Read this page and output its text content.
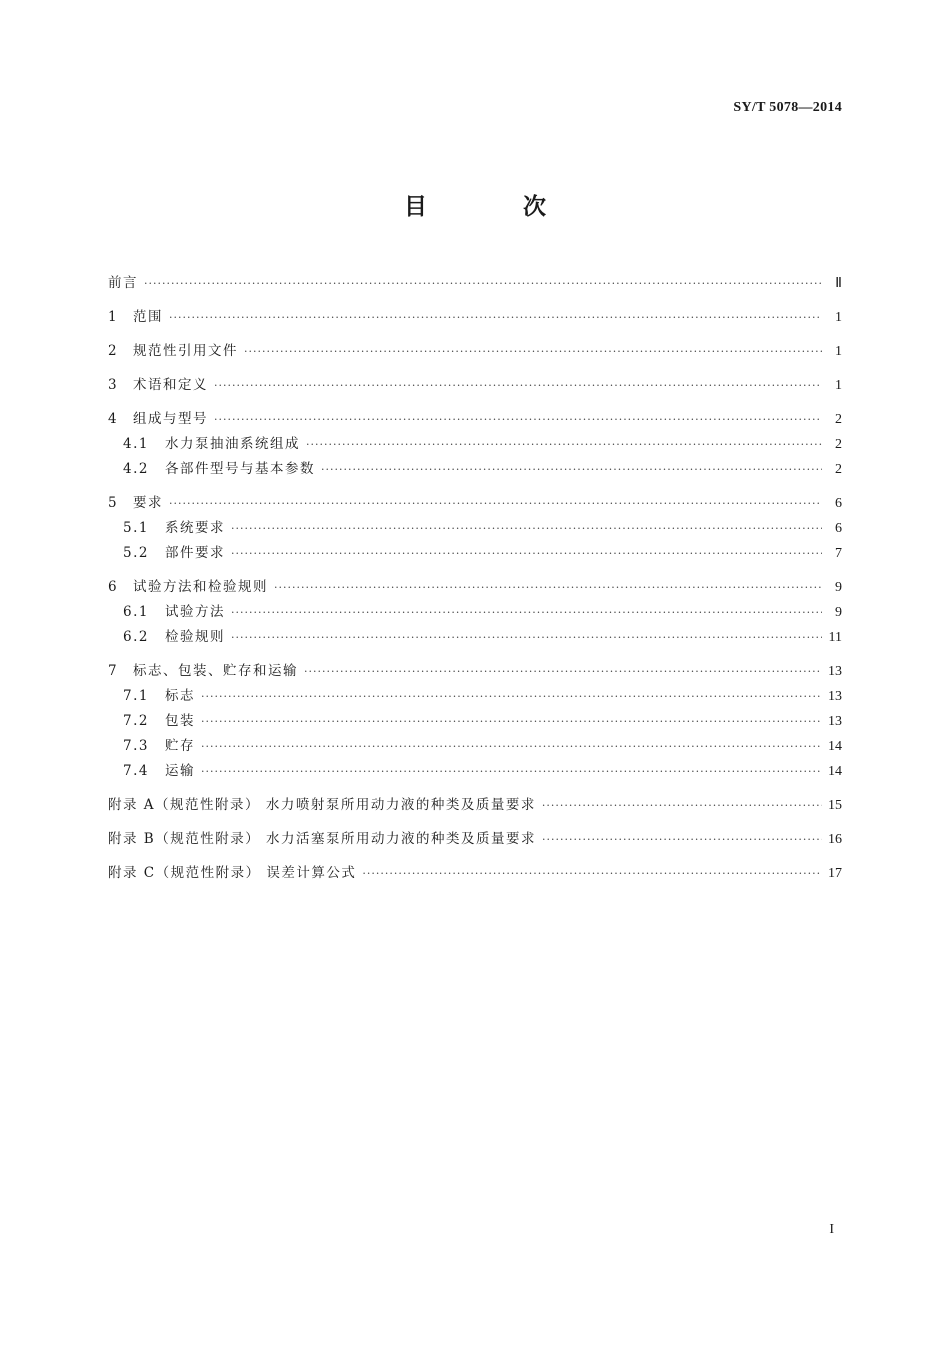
SY/T 5078—2014
目 次
前言 ·····	Ⅱ
1	范围 ·····	1
2	规范性引用文件 ·····	1
3	术语和定义 ·····	1
4	组成与型号 ·····	2
4.1	水力泵抽油系统组成 ·····	2
4.2	各部件型号与基本参数 ·····	2
5	要求 ·····	6
5.1	系统要求 ·····	6
5.2	部件要求 ·····	7
6	试验方法和检验规则 ·····	9
6.1	试验方法 ·····	9
6.2	检验规则 ·····	11
7	标志、包装、贮存和运输 ·····	13
7.1	标志 ·····	13
7.2	包装 ·····	13
7.3	贮存 ·····	14
7.4	运输 ·····	14
附录 A（规范性附录） 水力喷射泵所用动力液的种类及质量要求 ·····	15
附录 B（规范性附录） 水力活塞泵所用动力液的种类及质量要求 ·····	16
附录 C（规范性附录） 误差计算公式 ·····	17
I
